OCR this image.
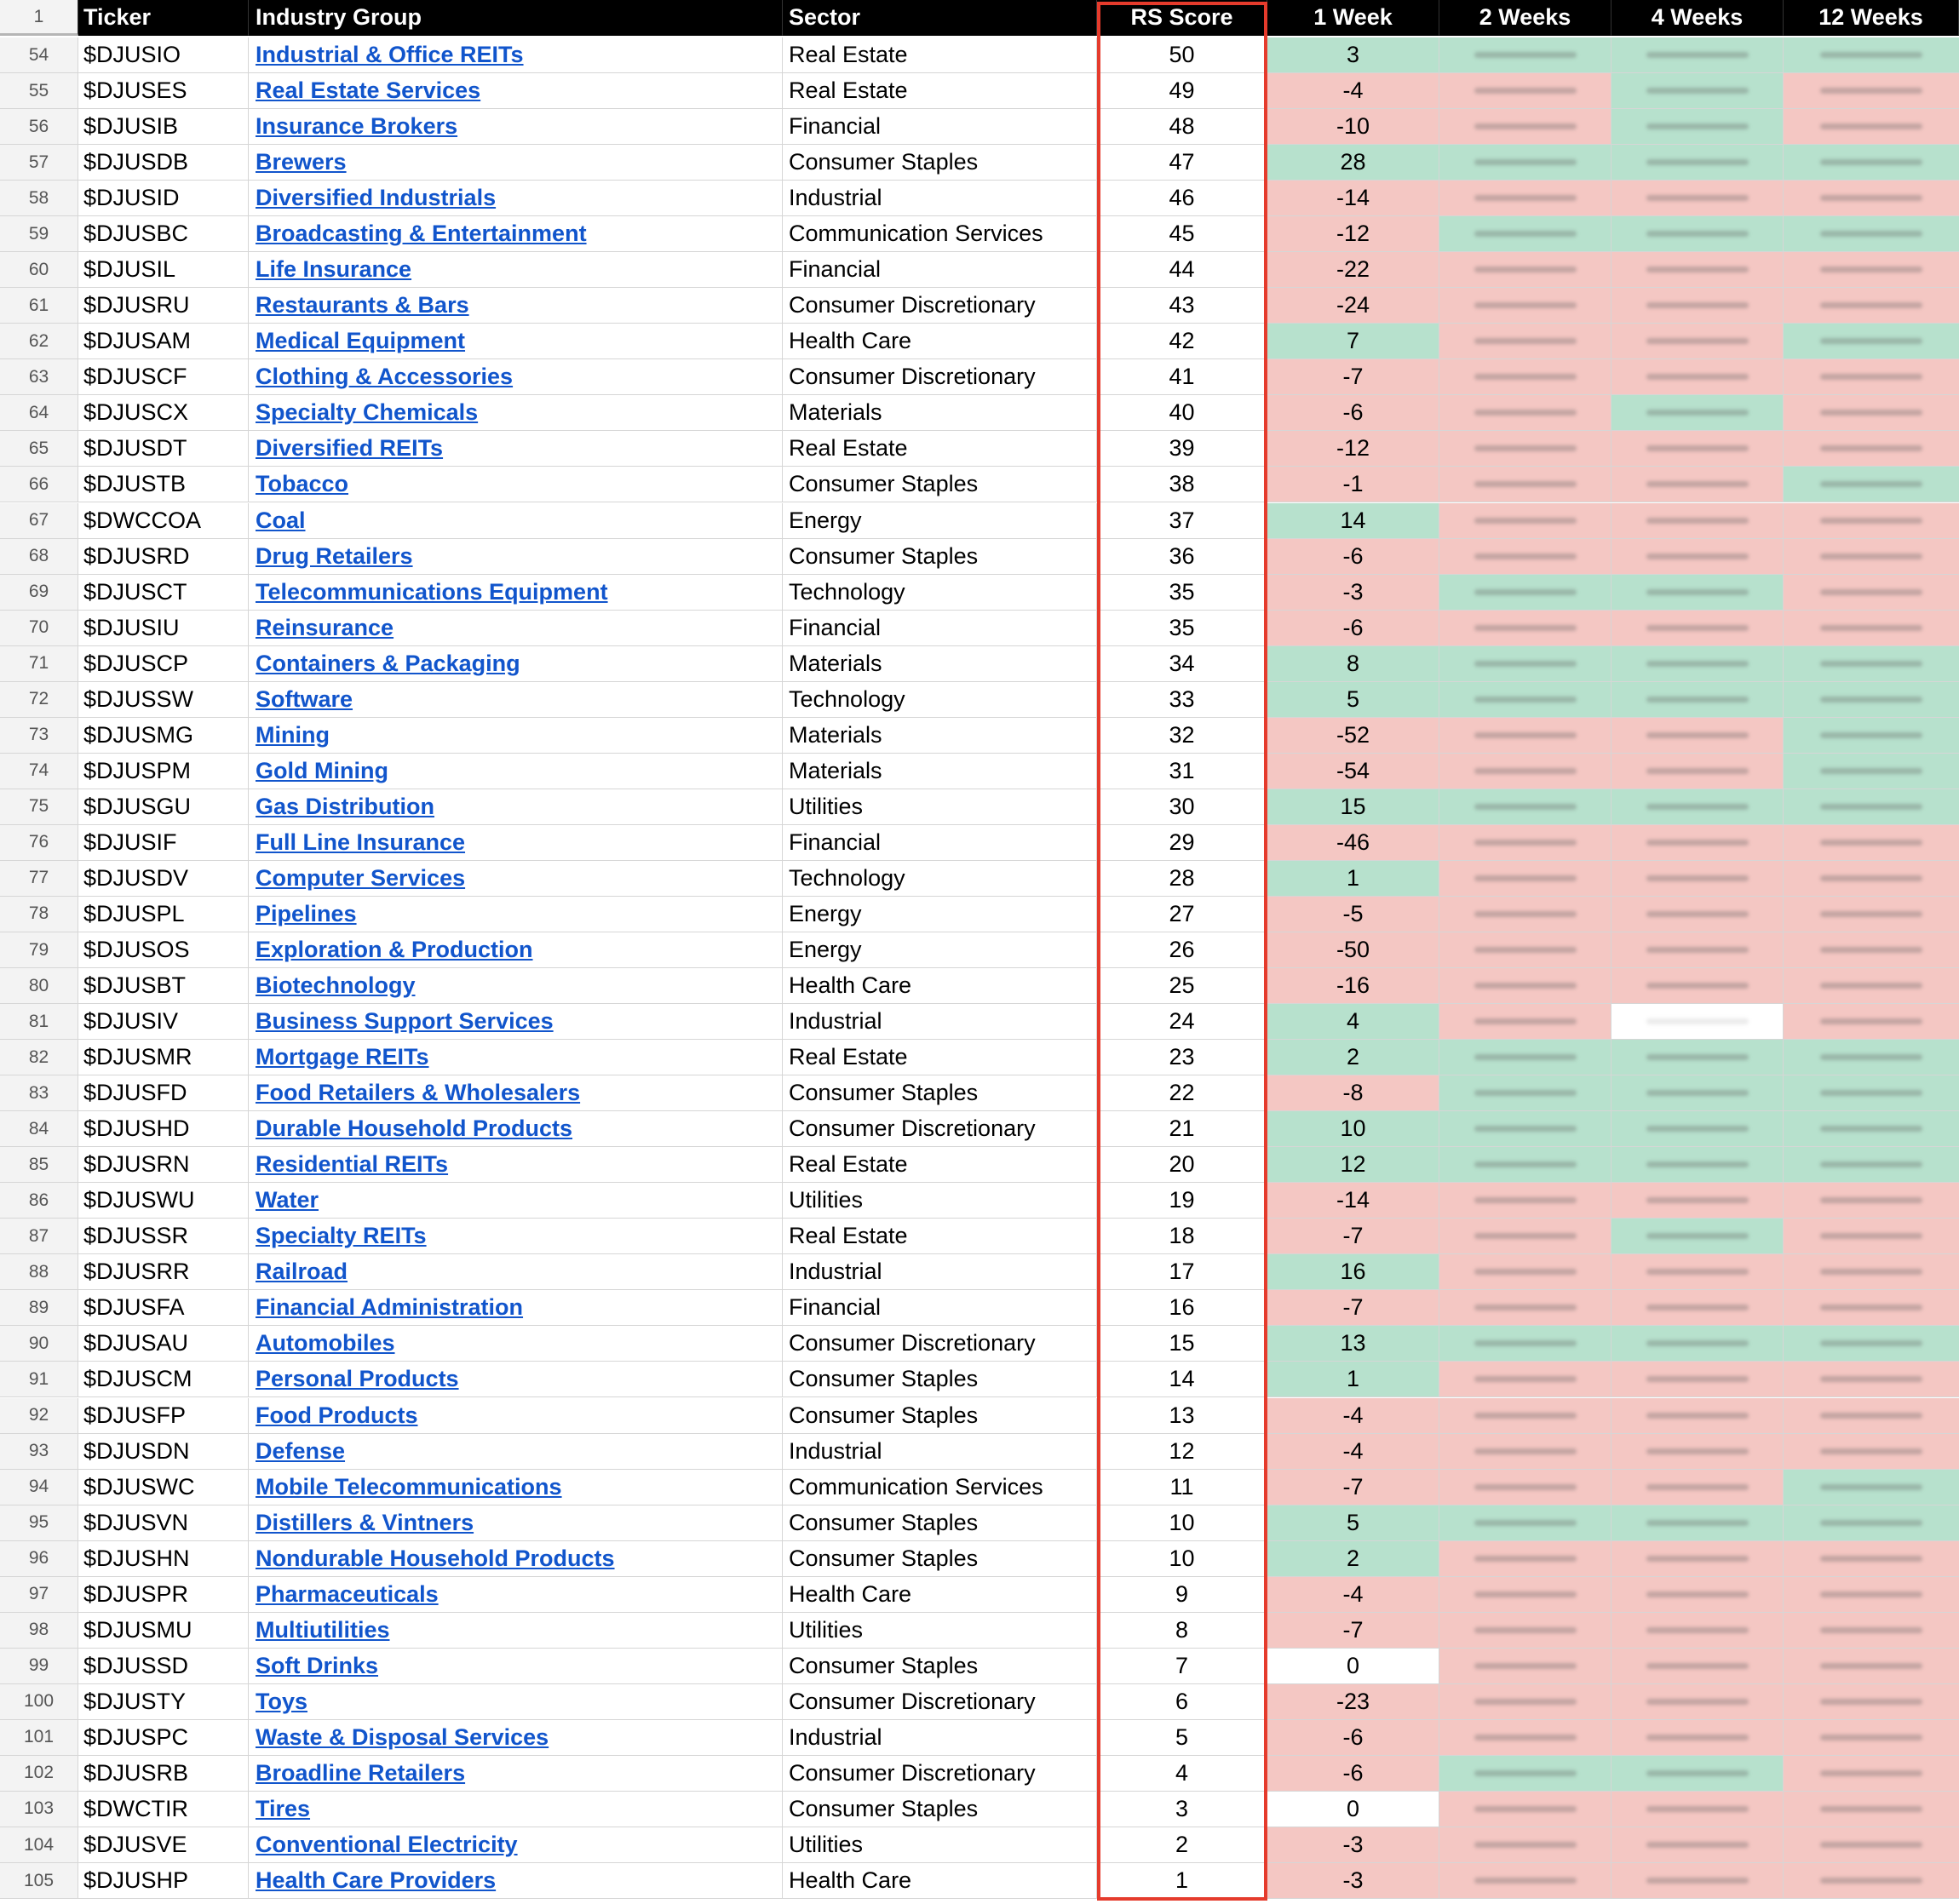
1	Ticker	Industry Group	Sector	RS Score	1 Week	2 Weeks	4 Weeks	12 Weeks
54	$DJUSIO	Industrial & Office REITs	Real Estate	50	3
55	$DJUSES	Real Estate Services	Real Estate	49	-4
56	$DJUSIB	Insurance Brokers	Financial	48	-10
57	$DJUSDB	Brewers	Consumer Staples	47	28
58	$DJUSID	Diversified Industrials	Industrial	46	-14
59	$DJUSBC	Broadcasting & Entertainment	Communication Services	45	-12
60	$DJUSIL	Life Insurance	Financial	44	-22
61	$DJUSRU	Restaurants & Bars	Consumer Discretionary	43	-24
62	$DJUSAM	Medical Equipment	Health Care	42	7
63	$DJUSCF	Clothing & Accessories	Consumer Discretionary	41	-7
64	$DJUSCX	Specialty Chemicals	Materials	40	-6
65	$DJUSDT	Diversified REITs	Real Estate	39	-12
66	$DJUSTB	Tobacco	Consumer Staples	38	-1
67	$DWCCOA	Coal	Energy	37	14
68	$DJUSRD	Drug Retailers	Consumer Staples	36	-6
69	$DJUSCT	Telecommunications Equipment	Technology	35	-3
70	$DJUSIU	Reinsurance	Financial	35	-6
71	$DJUSCP	Containers & Packaging	Materials	34	8
72	$DJUSSW	Software	Technology	33	5
73	$DJUSMG	Mining	Materials	32	-52
74	$DJUSPM	Gold Mining	Materials	31	-54
75	$DJUSGU	Gas Distribution	Utilities	30	15
76	$DJUSIF	Full Line Insurance	Financial	29	-46
77	$DJUSDV	Computer Services	Technology	28	1
78	$DJUSPL	Pipelines	Energy	27	-5
79	$DJUSOS	Exploration & Production	Energy	26	-50
80	$DJUSBT	Biotechnology	Health Care	25	-16
81	$DJUSIV	Business Support Services	Industrial	24	4
82	$DJUSMR	Mortgage REITs	Real Estate	23	2
83	$DJUSFD	Food Retailers & Wholesalers	Consumer Staples	22	-8
84	$DJUSHD	Durable Household Products	Consumer Discretionary	21	10
85	$DJUSRN	Residential REITs	Real Estate	20	12
86	$DJUSWU	Water	Utilities	19	-14
87	$DJUSSR	Specialty REITs	Real Estate	18	-7
88	$DJUSRR	Railroad	Industrial	17	16
89	$DJUSFA	Financial Administration	Financial	16	-7
90	$DJUSAU	Automobiles	Consumer Discretionary	15	13
91	$DJUSCM	Personal Products	Consumer Staples	14	1
92	$DJUSFP	Food Products	Consumer Staples	13	-4
93	$DJUSDN	Defense	Industrial	12	-4
94	$DJUSWC	Mobile Telecommunications	Communication Services	11	-7
95	$DJUSVN	Distillers & Vintners	Consumer Staples	10	5
96	$DJUSHN	Nondurable Household Products	Consumer Staples	10	2
97	$DJUSPR	Pharmaceuticals	Health Care	9	-4
98	$DJUSMU	Multiutilities	Utilities	8	-7
99	$DJUSSD	Soft Drinks	Consumer Staples	7	0
100	$DJUSTY	Toys	Consumer Discretionary	6	-23
101	$DJUSPC	Waste & Disposal Services	Industrial	5	-6
102	$DJUSRB	Broadline Retailers	Consumer Discretionary	4	-6
103	$DWCTIR	Tires	Consumer Staples	3	0
104	$DJUSVE	Conventional Electricity	Utilities	2	-3
105	$DJUSHP	Health Care Providers	Health Care	1	-3
